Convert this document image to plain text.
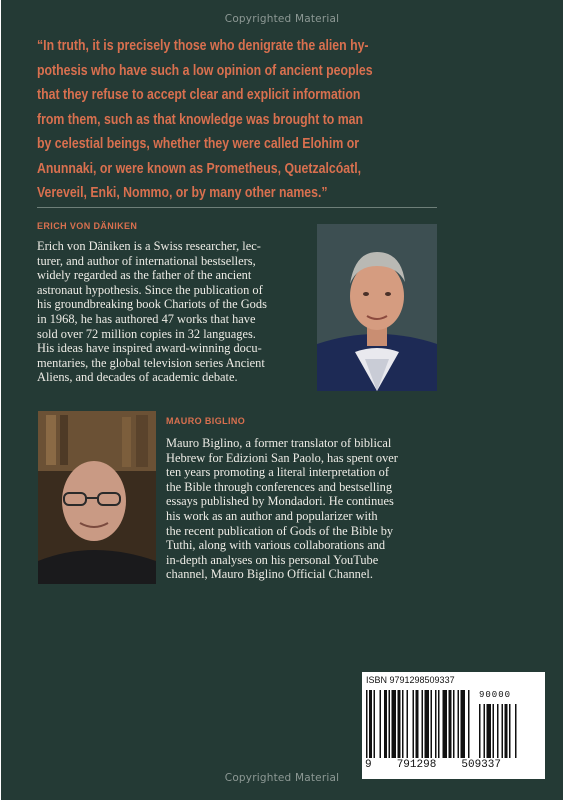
Copyrighted Material
“In truth, it is precisely those who denigrate the alien hy-
pothesis who have such a low opinion of ancient peoples
that they refuse to accept clear and explicit information
from them, such as that knowledge was brought to man
by celestial beings, whether they were called Elohim or
Anunnaki, or were known as Prometheus, Quetzalcóatl,
Vereveil, Enki, Nommo, or by many other names.”
ERICH VON DÄNIKEN
Erich von Däniken is a Swiss researcher, lec-
turer, and author of international bestsellers,
widely regarded as the father of the ancient
astronaut hypothesis. Since the publication of
his groundbreaking book Chariots of the Gods
in 1968, he has authored 47 works that have
sold over 72 million copies in 32 languages.
His ideas have inspired award-winning docu-
mentaries, the global television series Ancient
Aliens, and decades of academic debate.
MAURO BIGLINO
Mauro Biglino, a former translator of biblical
Hebrew for Edizioni San Paolo, has spent over
ten years promoting a literal interpretation of
the Bible through conferences and bestselling
essays published by Mondadori. He continues
his work as an author and popularizer with
the recent publication of Gods of the Bible by
Tuthi, along with various collaborations and
in-depth analyses on his personal YouTube
channel, Mauro Biglino Official Channel.
ISBN 9791298509337
90000
9 791298 509337
Copyrighted Material
